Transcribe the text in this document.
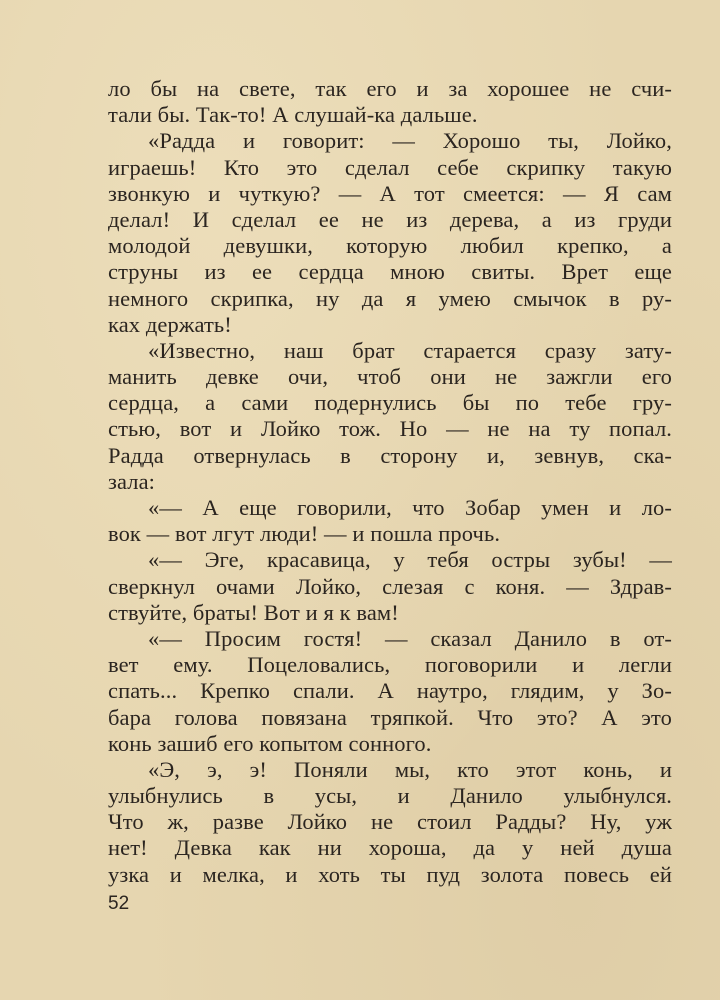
ло бы на свете, так его и за хорошее не счи-
тали бы. Так-то! А слушай-ка дальше.
«Радда и говорит: — Хорошо ты, Лойко,
играешь! Кто это сделал себе скрипку такую
звонкую и чуткую? — А тот смеется: — Я сам
делал! И сделал ее не из дерева, а из груди
молодой девушки, которую любил крепко, а
струны из ее сердца мною свиты. Врет еще
немного скрипка, ну да я умею смычок в ру-
ках держать!
«Известно, наш брат старается сразу зату-
манить девке очи, чтоб они не зажгли его
сердца, а сами подернулись бы по тебе гру-
стью, вот и Лойко тож. Но — не на ту попал.
Радда отвернулась в сторону и, зевнув, ска-
зала:
«— А еще говорили, что Зобар умен и ло-
вок — вот лгут люди! — и пошла прочь.
«— Эге, красавица, у тебя остры зубы! —
сверкнул очами Лойко, слезая с коня. — Здрав-
ствуйте, браты! Вот и я к вам!
«— Просим гостя! — сказал Данило в от-
вет ему. Поцеловались, поговорили и легли
спать... Крепко спали. А наутро, глядим, у Зо-
бара голова повязана тряпкой. Что это? А это
конь зашиб его копытом сонного.
«Э, э, э! Поняли мы, кто этот конь, и
улыбнулись в усы, и Данило улыбнулся.
Что ж, разве Лойко не стоил Радды? Ну, уж
нет! Девка как ни хороша, да у ней душа
узка и мелка, и хоть ты пуд золота повесь ей
52
